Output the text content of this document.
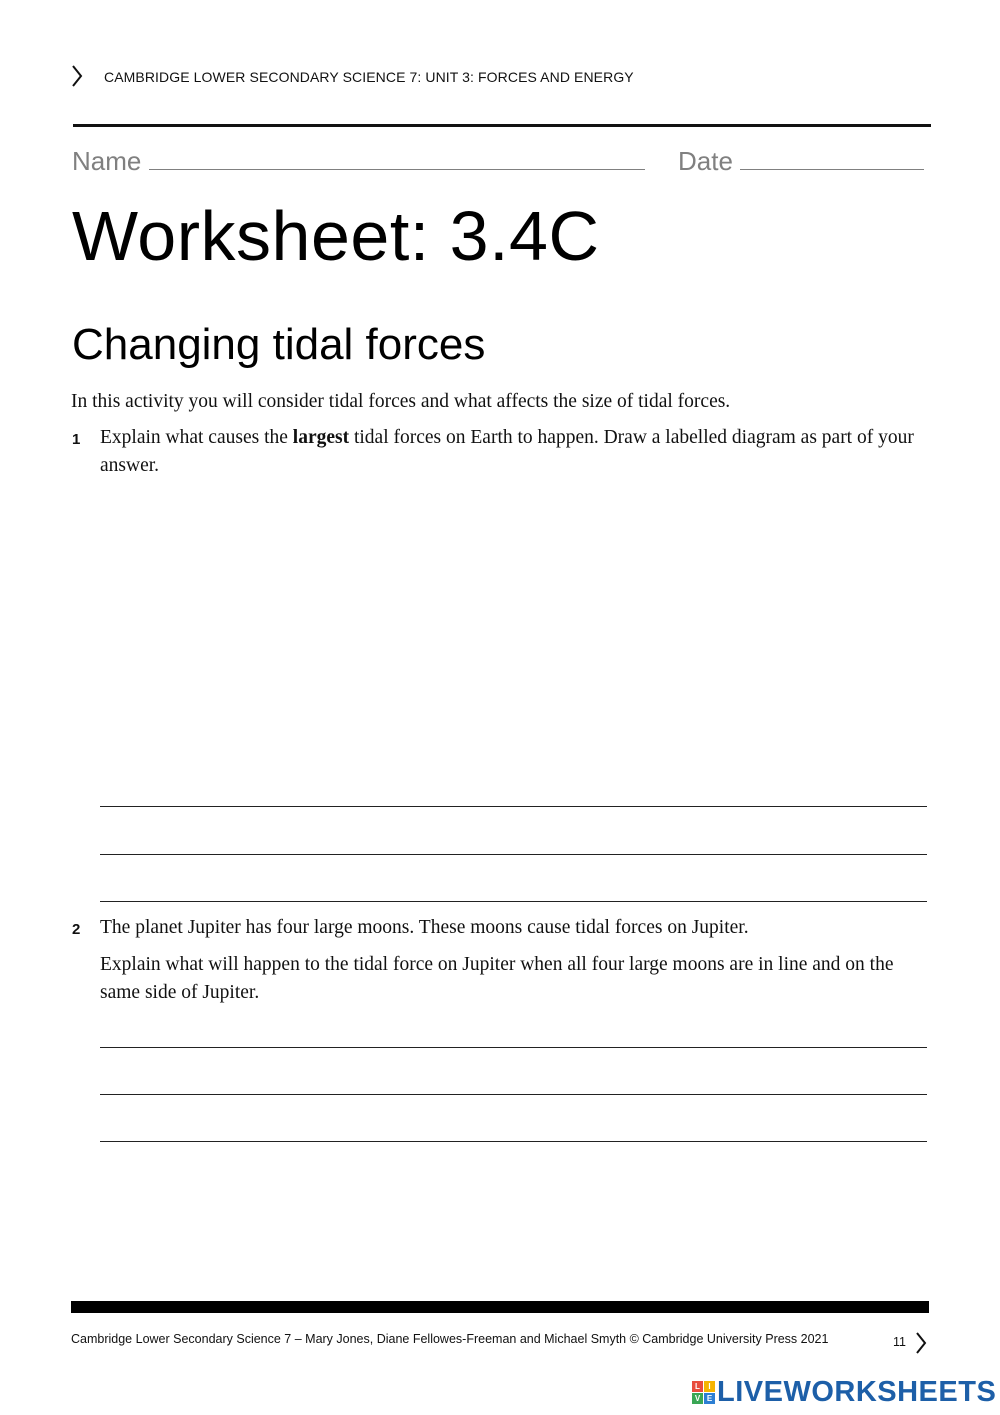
CAMBRIDGE LOWER SECONDARY SCIENCE 7: UNIT 3: FORCES AND ENERGY
Name	Date
Worksheet: 3.4C
Changing tidal forces
In this activity you will consider tidal forces and what affects the size of tidal forces.
1 Explain what causes the largest tidal forces on Earth to happen. Draw a labelled diagram as part of your answer.
2 The planet Jupiter has four large moons. These moons cause tidal forces on Jupiter.
Explain what will happen to the tidal force on Jupiter when all four large moons are in line and on the same side of Jupiter.
Cambridge Lower Secondary Science 7 – Mary Jones, Diane Fellowes-Freeman and Michael Smyth © Cambridge University Press 2021	11
L	I
V E LIVEWORKSHEETS
